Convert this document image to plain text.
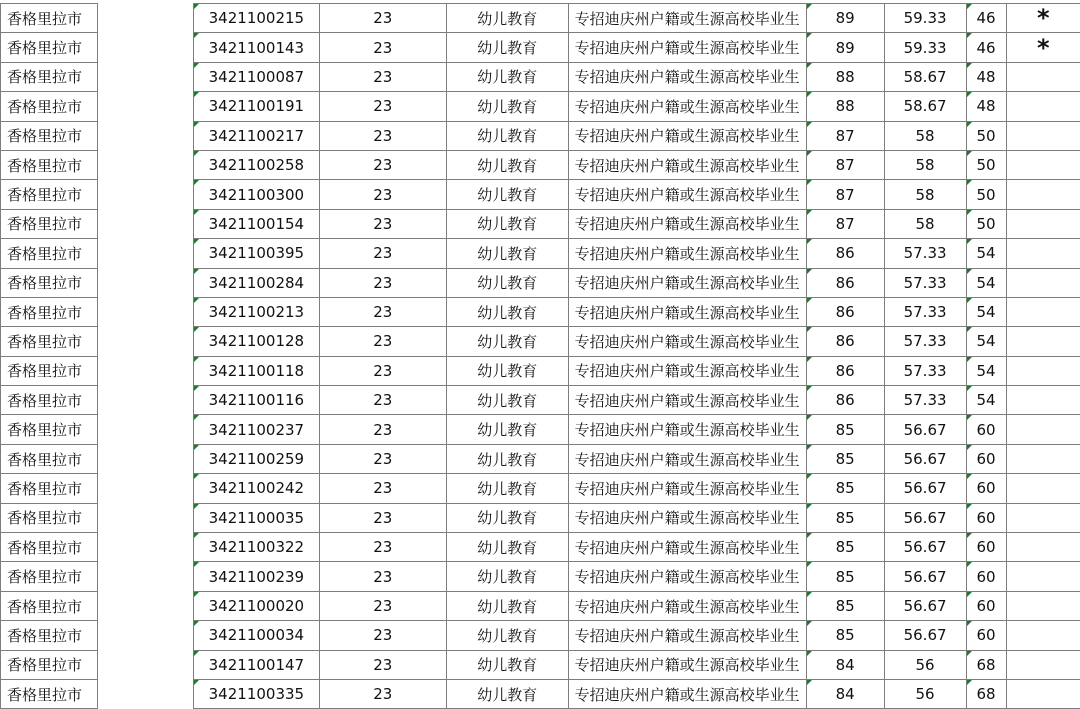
香格里拉市		3421100215	23	幼儿教育	专招迪庆州户籍或生源高校毕业生	89	59.33	46	*
香格里拉市		3421100143	23	幼儿教育	专招迪庆州户籍或生源高校毕业生	89	59.33	46	*
香格里拉市		3421100087	23	幼儿教育	专招迪庆州户籍或生源高校毕业生	88	58.67	48	
香格里拉市		3421100191	23	幼儿教育	专招迪庆州户籍或生源高校毕业生	88	58.67	48	
香格里拉市		3421100217	23	幼儿教育	专招迪庆州户籍或生源高校毕业生	87	58	50	
香格里拉市		3421100258	23	幼儿教育	专招迪庆州户籍或生源高校毕业生	87	58	50	
香格里拉市		3421100300	23	幼儿教育	专招迪庆州户籍或生源高校毕业生	87	58	50	
香格里拉市		3421100154	23	幼儿教育	专招迪庆州户籍或生源高校毕业生	87	58	50	
香格里拉市		3421100395	23	幼儿教育	专招迪庆州户籍或生源高校毕业生	86	57.33	54	
香格里拉市		3421100284	23	幼儿教育	专招迪庆州户籍或生源高校毕业生	86	57.33	54	
香格里拉市		3421100213	23	幼儿教育	专招迪庆州户籍或生源高校毕业生	86	57.33	54	
香格里拉市		3421100128	23	幼儿教育	专招迪庆州户籍或生源高校毕业生	86	57.33	54	
香格里拉市		3421100118	23	幼儿教育	专招迪庆州户籍或生源高校毕业生	86	57.33	54	
香格里拉市		3421100116	23	幼儿教育	专招迪庆州户籍或生源高校毕业生	86	57.33	54	
香格里拉市		3421100237	23	幼儿教育	专招迪庆州户籍或生源高校毕业生	85	56.67	60	
香格里拉市		3421100259	23	幼儿教育	专招迪庆州户籍或生源高校毕业生	85	56.67	60	
香格里拉市		3421100242	23	幼儿教育	专招迪庆州户籍或生源高校毕业生	85	56.67	60	
香格里拉市		3421100035	23	幼儿教育	专招迪庆州户籍或生源高校毕业生	85	56.67	60	
香格里拉市		3421100322	23	幼儿教育	专招迪庆州户籍或生源高校毕业生	85	56.67	60	
香格里拉市		3421100239	23	幼儿教育	专招迪庆州户籍或生源高校毕业生	85	56.67	60	
香格里拉市		3421100020	23	幼儿教育	专招迪庆州户籍或生源高校毕业生	85	56.67	60	
香格里拉市		3421100034	23	幼儿教育	专招迪庆州户籍或生源高校毕业生	85	56.67	60	
香格里拉市		3421100147	23	幼儿教育	专招迪庆州户籍或生源高校毕业生	84	56	68	
香格里拉市		3421100335	23	幼儿教育	专招迪庆州户籍或生源高校毕业生	84	56	68	
